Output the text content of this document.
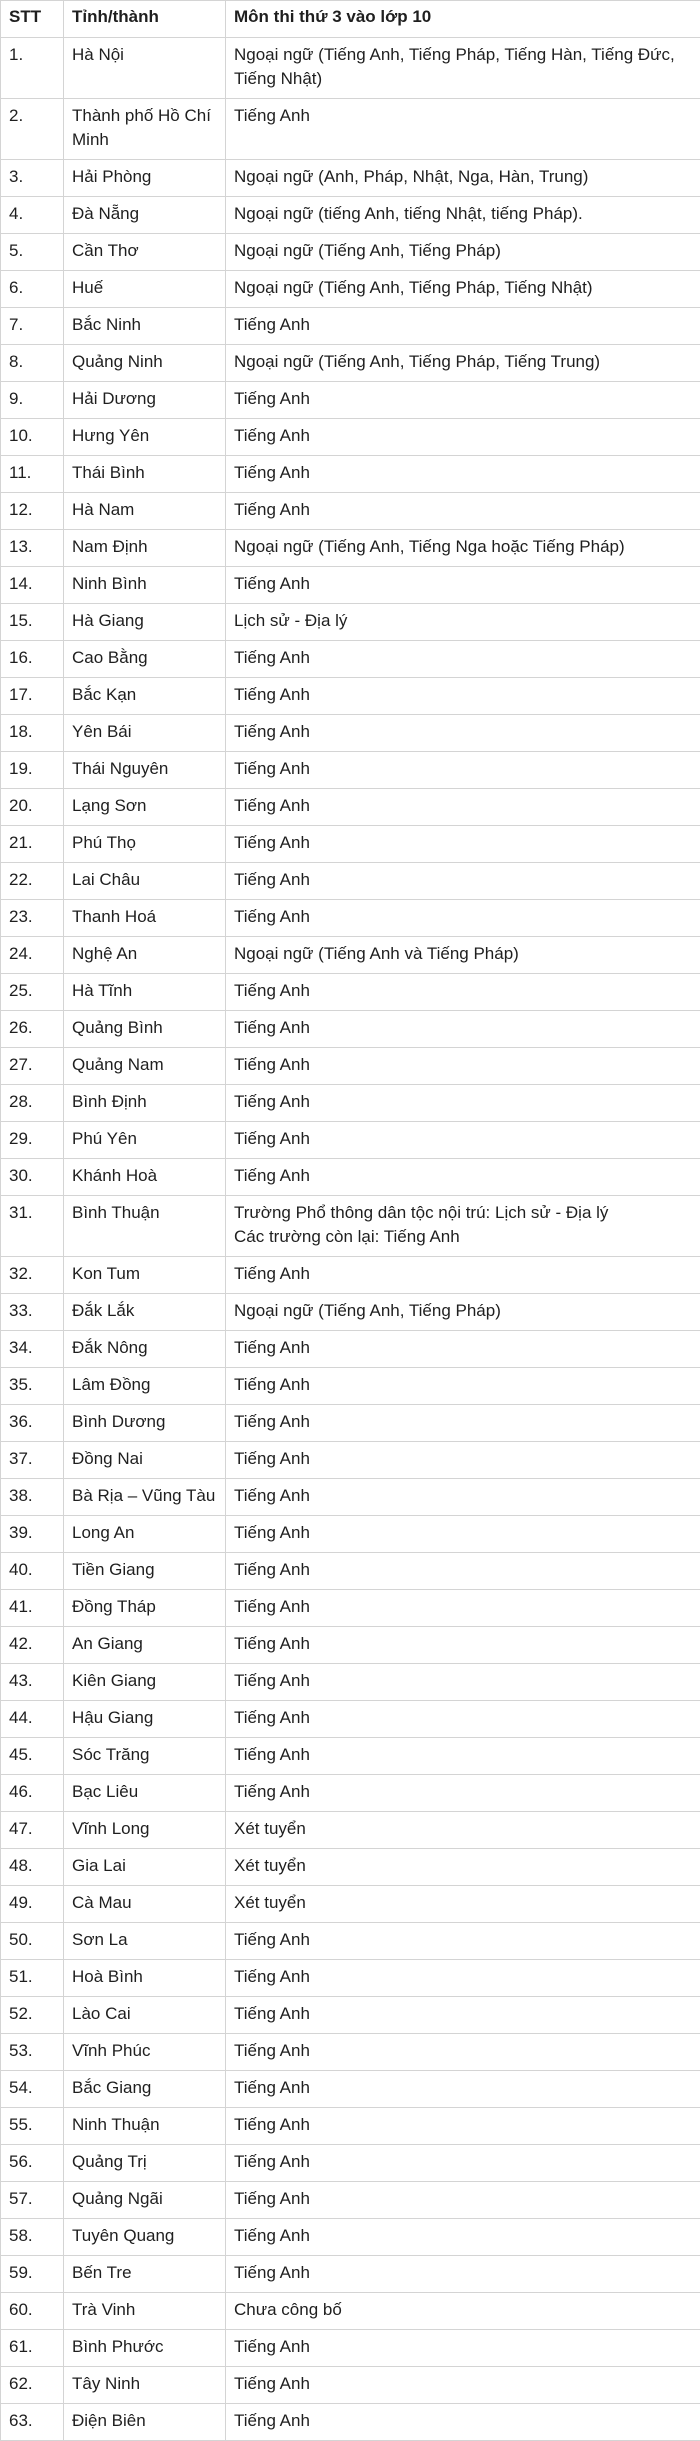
STT	Tỉnh/thành	Môn thi thứ 3 vào lớp 10
1.	Hà Nội	Ngoại ngữ (Tiếng Anh, Tiếng Pháp, Tiếng Hàn, Tiếng Đức, Tiếng Nhật)

2.	Thành phố Hồ Chí Minh	Tiếng Anh

3.	Hải Phòng	Ngoại ngữ (Anh, Pháp, Nhật, Nga, Hàn, Trung)

4.	Đà Nẵng	Ngoại ngữ (tiếng Anh, tiếng Nhật, tiếng Pháp).

5.	Cần Thơ	Ngoại ngữ (Tiếng Anh, Tiếng Pháp)

6.	Huế	Ngoại ngữ (Tiếng Anh, Tiếng Pháp, Tiếng Nhật)

7.	Bắc Ninh	Tiếng Anh

8.	Quảng Ninh	Ngoại ngữ (Tiếng Anh, Tiếng Pháp, Tiếng Trung)

9.	Hải Dương	Tiếng Anh

10.	Hưng Yên	Tiếng Anh

11.	Thái Bình	Tiếng Anh

12.	Hà Nam	Tiếng Anh

13.	Nam Định	Ngoại ngữ (Tiếng Anh, Tiếng Nga hoặc Tiếng Pháp)

14.	Ninh Bình	Tiếng Anh

15.	Hà Giang	Lịch sử - Địa lý

16.	Cao Bằng	Tiếng Anh

17.	Bắc Kạn	Tiếng Anh

18.	Yên Bái	Tiếng Anh

19.	Thái Nguyên	Tiếng Anh

20.	Lạng Sơn	Tiếng Anh

21.	Phú Thọ	Tiếng Anh

22.	Lai Châu	Tiếng Anh

23.	Thanh Hoá	Tiếng Anh

24.	Nghệ An	Ngoại ngữ (Tiếng Anh và Tiếng Pháp)

25.	Hà Tĩnh	Tiếng Anh

26.	Quảng Bình	Tiếng Anh

27.	Quảng Nam	Tiếng Anh

28.	Bình Định	Tiếng Anh

29.	Phú Yên	Tiếng Anh

30.	Khánh Hoà	Tiếng Anh

31.	Bình Thuận	Trường Phổ thông dân tộc nội trú: Lịch sử - Địa lý
Các trường còn lại: Tiếng Anh

32.	Kon Tum	Tiếng Anh

33.	Đắk Lắk	Ngoại ngữ (Tiếng Anh, Tiếng Pháp)

34.	Đắk Nông	Tiếng Anh

35.	Lâm Đồng	Tiếng Anh

36.	Bình Dương	Tiếng Anh

37.	Đồng Nai	Tiếng Anh

38.	Bà Rịa – Vũng Tàu	Tiếng Anh

39.	Long An	Tiếng Anh

40.	Tiền Giang	Tiếng Anh

41.	Đồng Tháp	Tiếng Anh

42.	An Giang	Tiếng Anh

43.	Kiên Giang	Tiếng Anh

44.	Hậu Giang	Tiếng Anh

45.	Sóc Trăng	Tiếng Anh

46.	Bạc Liêu	Tiếng Anh

47.	Vĩnh Long	Xét tuyển

48.	Gia Lai	Xét tuyển

49.	Cà Mau	Xét tuyển

50.	Sơn La	Tiếng Anh

51.	Hoà Bình	Tiếng Anh

52.	Lào Cai	Tiếng Anh

53.	Vĩnh Phúc	Tiếng Anh

54.	Bắc Giang	Tiếng Anh

55.	Ninh Thuận	Tiếng Anh

56.	Quảng Trị	Tiếng Anh

57.	Quảng Ngãi	Tiếng Anh

58.	Tuyên Quang	Tiếng Anh

59.	Bến Tre	Tiếng Anh

60.	Trà Vinh	Chưa công bố

61.	Bình Phước	Tiếng Anh

62.	Tây Ninh	Tiếng Anh

63.	Điện Biên	Tiếng Anh
